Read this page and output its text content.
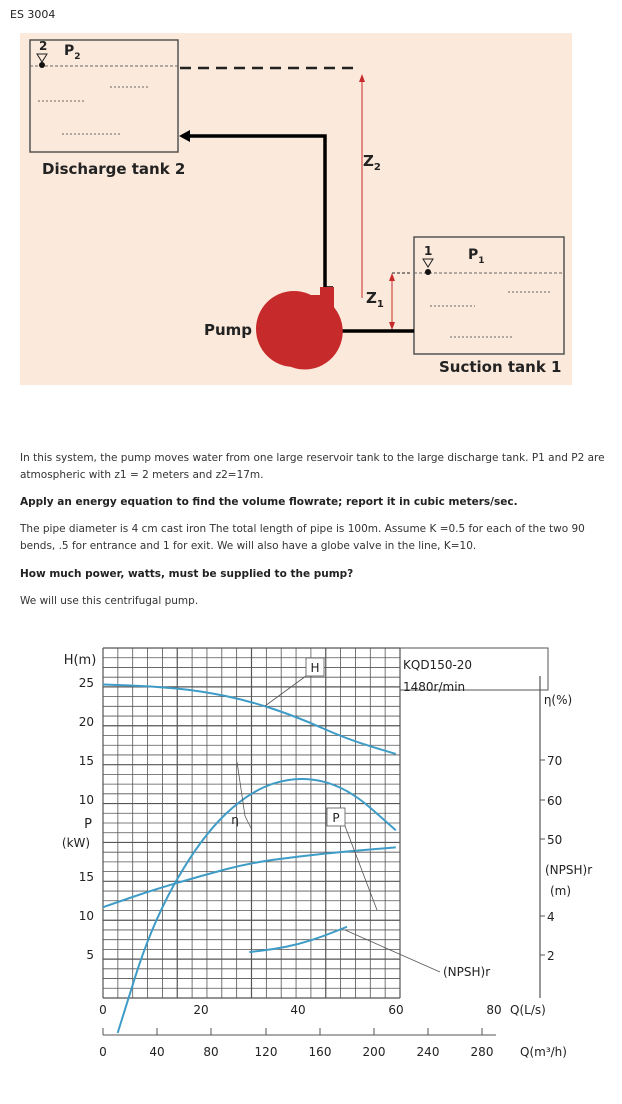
ES 3004
2 $P_2$
Discharge tank 2	$Z_2$
$Z_1$
1	$P_1$
Suction tank 1
Pump
In this system, the pump moves water from one large reservoir tank to the large discharge tank. P1 and P2 are atmospheric with z1 = 2 meters and z2=17m.
Apply an energy equation to find the volume flowrate; report it in cubic meters/sec.
The pipe diameter is 4 cm cast iron The total length of pipe is 100m. Assume K =0.5 for each of the two 90 bends, .5 for entrance and 1 for exit. We will also have a globe valve in the line, K=10.
How much power, watts, must be supplied to the pump?
We will use this centrifugal pump.
25
20
15
10
15
10
5
H(m)
P
(kW)
70
60
50
4
2
η(%)
(NPSH)r
(m)
KQD150-20
1480r/min
0	20	40	60	80 Q(L/s)
0	40	80	120	160	200	240	280 Q(m³/h)
H
η	P
(NPSH)r
